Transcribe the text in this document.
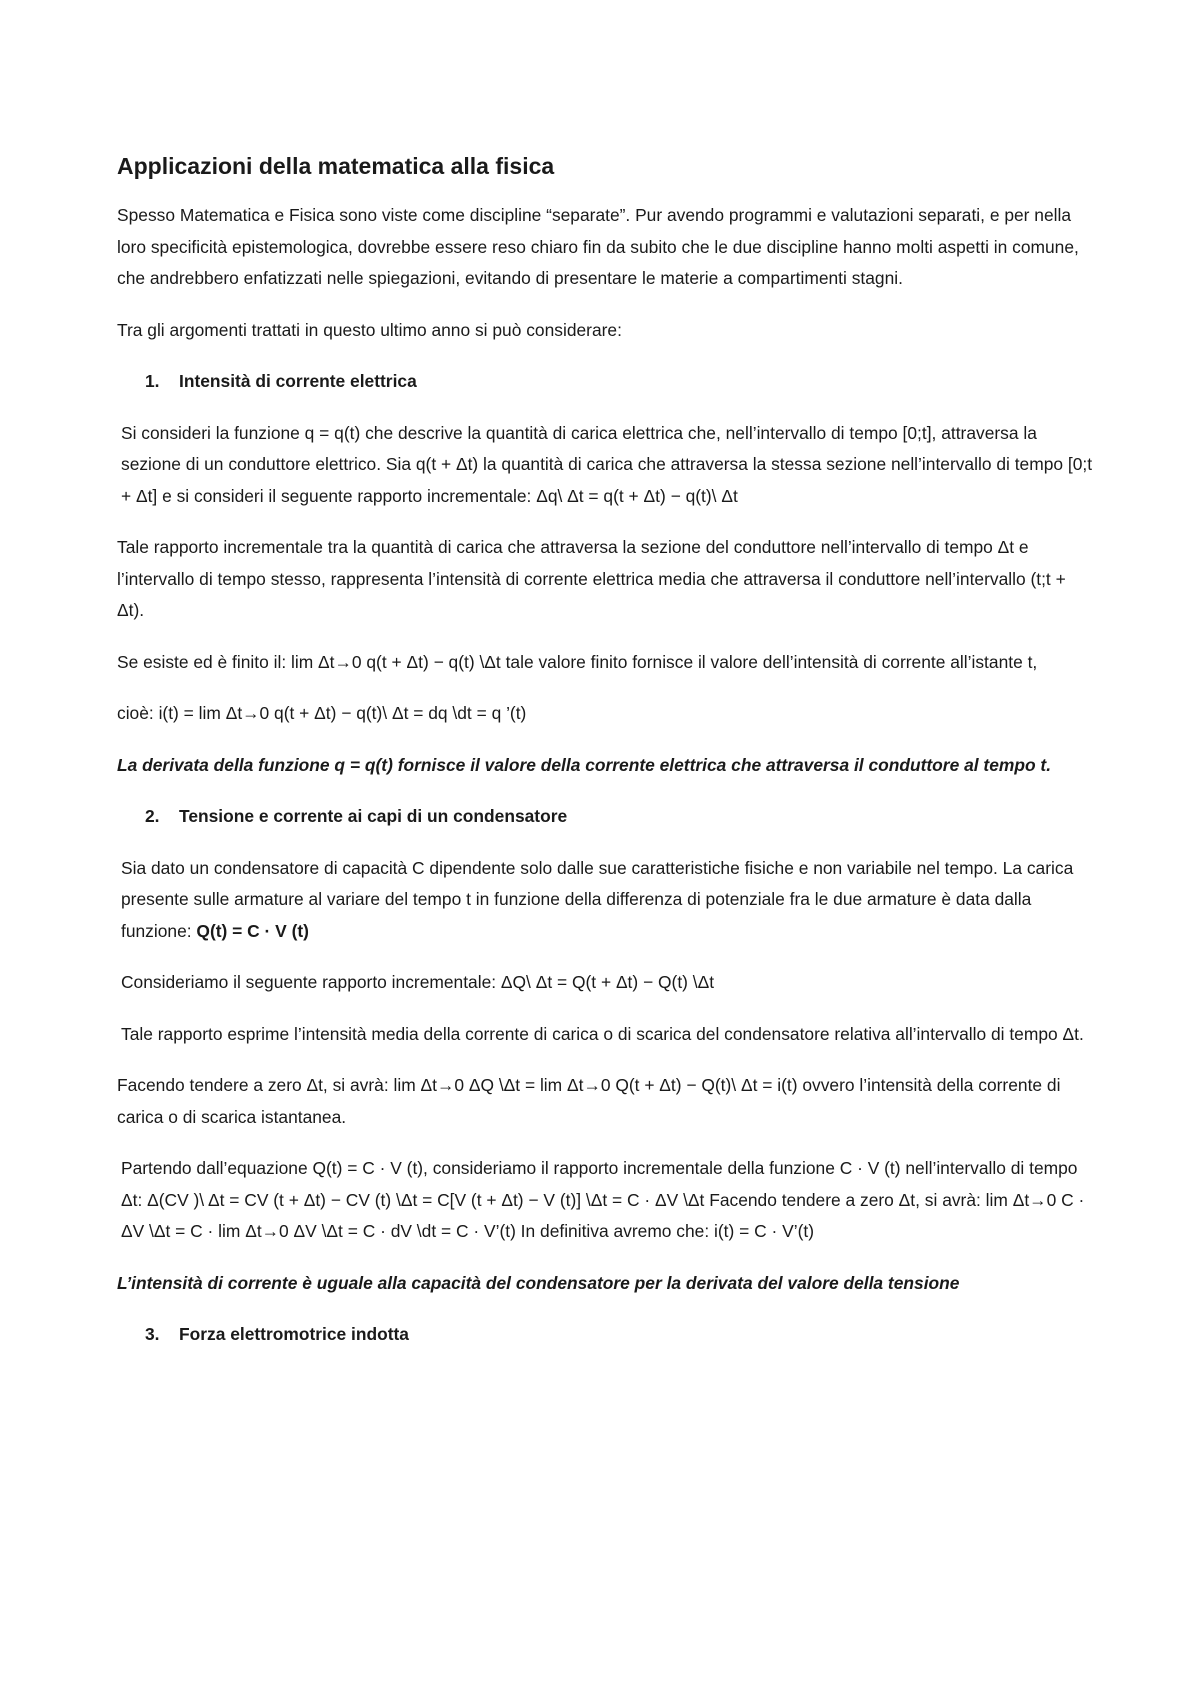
Applicazioni della matematica alla fisica

Spesso Matematica e Fisica sono viste come discipline “separate”. Pur avendo programmi e valutazioni separati, e per nella loro specificità epistemologica, dovrebbe essere reso chiaro fin da subito che le due discipline hanno molti aspetti in comune, che andrebbero enfatizzati nelle spiegazioni, evitando di presentare le materie a compartimenti stagni.

Tra gli argomenti trattati in questo ultimo anno si può considerare:

1. Intensità di corrente elettrica

Si consideri la funzione q = q(t) che descrive la quantità di carica elettrica che, nell’intervallo di tempo [0;t], attraversa la sezione di un conduttore elettrico. Sia q(t + Δt) la quantità di carica che attraversa la stessa sezione nell’intervallo di tempo [0;t + Δt] e si consideri il seguente rapporto incrementale: Δq\ Δt = q(t + Δt) − q(t)\ Δt

Tale rapporto incrementale tra la quantità di carica che attraversa la sezione del conduttore nell’intervallo di tempo Δt e l’intervallo di tempo stesso, rappresenta l’intensità di corrente elettrica media che attraversa il conduttore nell’intervallo (t;t + Δt).

Se esiste ed è finito il: lim Δt→0 q(t + Δt) − q(t) \Δt tale valore finito fornisce il valore dell’intensità di corrente all’istante t,

cioè: i(t) = lim Δt→0 q(t + Δt) − q(t)\ Δt = dq \dt = q ’(t)

La derivata della funzione q = q(t) fornisce il valore della corrente elettrica che attraversa il conduttore al tempo t.

2. Tensione e corrente ai capi di un condensatore

Sia dato un condensatore di capacità C dipendente solo dalle sue caratteristiche fisiche e non variabile nel tempo. La carica presente sulle armature al variare del tempo t in funzione della differenza di potenziale fra le due armature è data dalla funzione: Q(t) = C · V (t)

Consideriamo il seguente rapporto incrementale: ΔQ\ Δt = Q(t + Δt) − Q(t) \Δt

Tale rapporto esprime l’intensità media della corrente di carica o di scarica del condensatore relativa all’intervallo di tempo Δt.

Facendo tendere a zero Δt, si avrà: lim Δt→0 ΔQ \Δt = lim Δt→0 Q(t + Δt) − Q(t)\ Δt = i(t) ovvero l’intensità della corrente di carica o di scarica istantanea.

Partendo dall’equazione Q(t) = C · V (t), consideriamo il rapporto incrementale della funzione C · V (t) nell’intervallo di tempo Δt: Δ(CV )\ Δt = CV (t + Δt) − CV (t) \Δt = C[V (t + Δt) − V (t)] \Δt = C · ΔV \Δt Facendo tendere a zero Δt, si avrà: lim Δt→0 C · ΔV \Δt = C · lim Δt→0 ΔV \Δt = C · dV \dt = C · V’(t) In definitiva avremo che: i(t) = C · V’(t)

L’intensità di corrente è uguale alla capacità del condensatore per la derivata del valore della tensione

3. Forza elettromotrice indotta
